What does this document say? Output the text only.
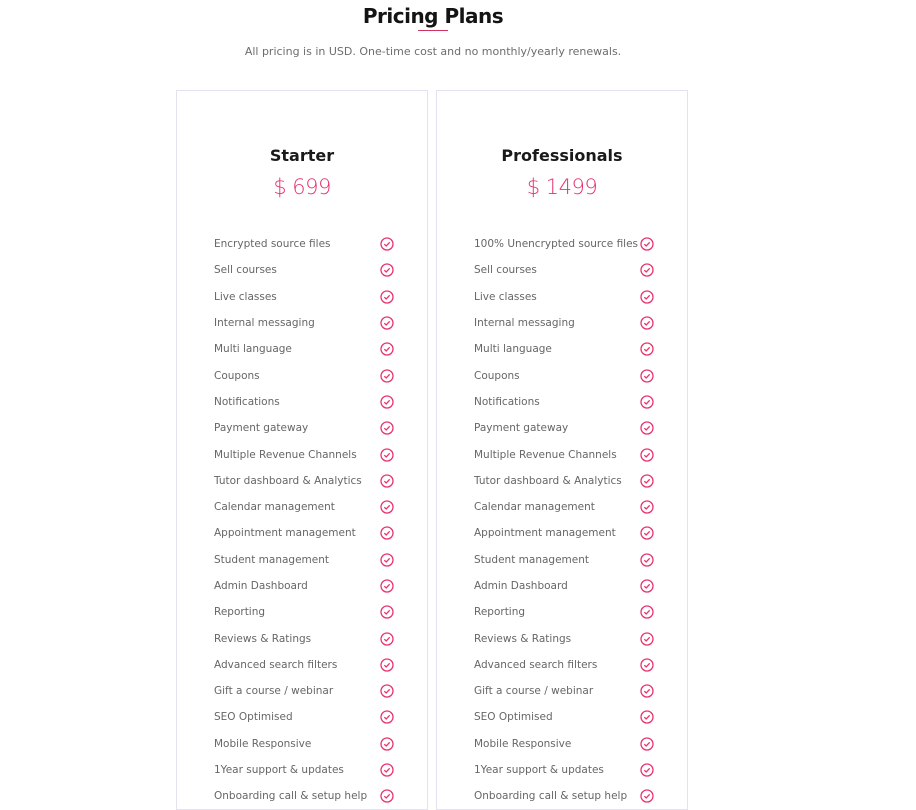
Pricing Plans
All pricing is in USD. One-time cost and no monthly/yearly renewals.
Starter
$ 699
Encrypted source files
Sell courses
Live classes
Internal messaging
Multi language
Coupons
Notifications
Payment gateway
Multiple Revenue Channels
Tutor dashboard & Analytics
Calendar management
Appointment management
Student management
Admin Dashboard
Reporting
Reviews & Ratings
Advanced search filters
Gift a course / webinar
SEO Optimised
Mobile Responsive
1Year support & updates
Onboarding call & setup help
Professionals
$ 1499
100% Unencrypted source files
Sell courses
Live classes
Internal messaging
Multi language
Coupons
Notifications
Payment gateway
Multiple Revenue Channels
Tutor dashboard & Analytics
Calendar management
Appointment management
Student management
Admin Dashboard
Reporting
Reviews & Ratings
Advanced search filters
Gift a course / webinar
SEO Optimised
Mobile Responsive
1Year support & updates
Onboarding call & setup help
